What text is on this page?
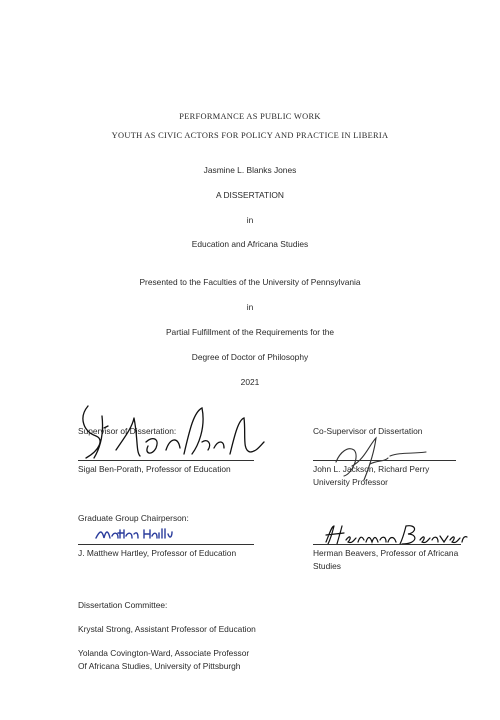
PERFORMANCE AS PUBLIC WORK
YOUTH AS CIVIC ACTORS FOR POLICY AND PRACTICE IN LIBERIA
Jasmine L. Blanks Jones
A DISSERTATION
in
Education and Africana Studies
Presented to the Faculties of the University of Pennsylvania
in
Partial Fulfillment of the Requirements for the
Degree of Doctor of Philosophy
2021
Supervisor of Dissertation:
Sigal Ben-Porath, Professor of Education
Co-Supervisor of Dissertation
John L. Jackson, Richard Perry
University Professor
Graduate Group Chairperson:
J. Matthew Hartley, Professor of Education	Herman Beavers, Professor of Africana
Studies
Dissertation Committee:
Krystal Strong, Assistant Professor of Education
Yolanda Covington-Ward, Associate Professor
Of Africana Studies, University of Pittsburgh
